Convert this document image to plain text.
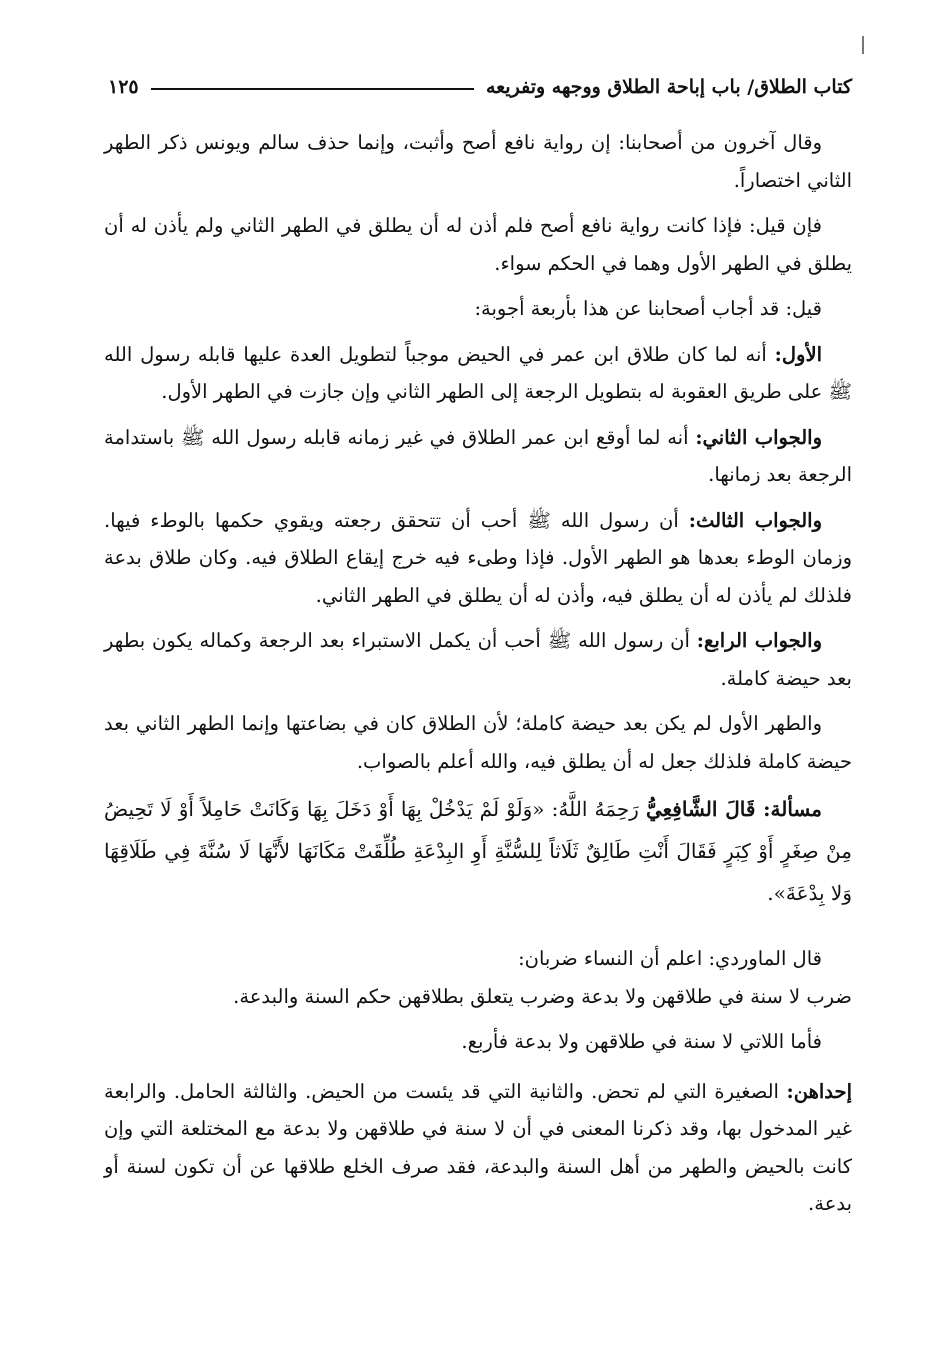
كتاب الطلاق/ باب إباحة الطلاق ووجهه وتفريعه
١٢٥

وقال آخرون من أصحابنا: إن رواية نافع أصح وأثبت، وإنما حذف سالم ويونس ذكر الطهر الثاني اختصاراً.

فإن قيل: فإذا كانت رواية نافع أصح فلم أذن له أن يطلق في الطهر الثاني ولم يأذن له أن يطلق في الطهر الأول وهما في الحكم سواء.

قيل: قد أجاب أصحابنا عن هذا بأربعة أجوبة:

الأول: أنه لما كان طلاق ابن عمر في الحيض موجباً لتطويل العدة عليها قابله رسول الله ﷺ على طريق العقوبة له بتطويل الرجعة إلى الطهر الثاني وإن جازت في الطهر الأول.

والجواب الثاني: أنه لما أوقع ابن عمر الطلاق في غير زمانه قابله رسول الله ﷺ باستدامة الرجعة بعد زمانها.

والجواب الثالث: أن رسول الله ﷺ أحب أن تتحقق رجعته ويقوي حكمها بالوطء فيها. وزمان الوطء بعدها هو الطهر الأول. فإذا وطىء فيه خرج إيقاع الطلاق فيه. وكان طلاق بدعة فلذلك لم يأذن له أن يطلق فيه، وأذن له أن يطلق في الطهر الثاني.

والجواب الرابع: أن رسول الله ﷺ أحب أن يكمل الاستبراء بعد الرجعة وكماله يكون بطهر بعد حيضة كاملة.

والطهر الأول لم يكن بعد حيضة كاملة؛ لأن الطلاق كان في بضاعتها وإنما الطهر الثاني بعد حيضة كاملة فلذلك جعل له أن يطلق فيه، والله أعلم بالصواب.

مسألة: قَالَ الشَّافِعِيُّ رَحِمَهُ اللَّهُ: «وَلَوْ لَمْ يَدْخُلْ بِهَا أَوْ دَخَلَ بِهَا وَكَانَتْ حَامِلاً أَوْ لَا تَحِيضُ مِنْ صِغَرٍ أَوْ كِبَرٍ فَقَالَ أَنْتِ طَالِقٌ ثَلَاثاً لِلسُّنَّةِ أَوِ البِدْعَةِ طُلِّقَتْ مَكَانَهَا لأَنَّهَا لَا سُنَّةَ فِي طَلَاقِهَا وَلا بِدْعَةَ».

قال الماوردي: اعلم أن النساء ضربان:

ضرب لا سنة في طلاقهن ولا بدعة وضرب يتعلق بطلاقهن حكم السنة والبدعة.

فأما اللاتي لا سنة في طلاقهن ولا بدعة فأربع.

إحداهن: الصغيرة التي لم تحض. والثانية التي قد يئست من الحيض. والثالثة الحامل. والرابعة غير المدخول بها، وقد ذكرنا المعنى في أن لا سنة في طلاقهن ولا بدعة مع المختلعة التي وإن كانت بالحيض والطهر من أهل السنة والبدعة، فقد صرف الخلع طلاقها عن أن تكون لسنة أو بدعة.
